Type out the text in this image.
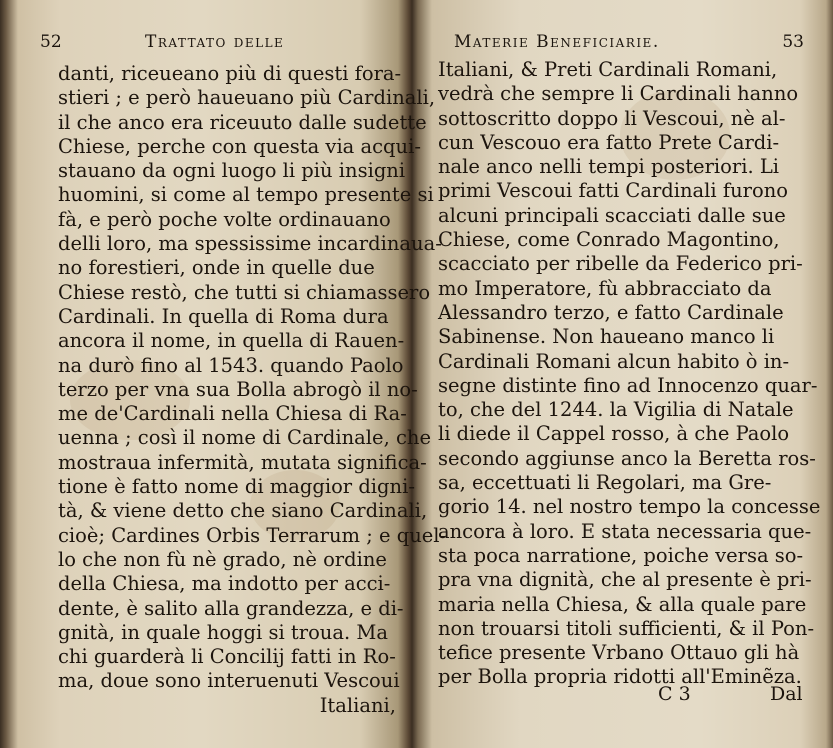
52	Trattato delle
danti, riceueano più di questi fora-
stieri ; e però haueuano più Cardinali,
il che anco era riceuuto dalle sudette
Chiese, perche con questa via acqui-
stauano da ogni luogo li più insigni
huomini, si come al tempo presente si
fà, e però poche volte ordinauano
delli loro, ma spessissime incardinaua-
no forestieri, onde in quelle due
Chiese restò, che tutti si chiamassero
Cardinali. In quella di Roma dura
ancora il nome, in quella di Rauen-
na durò fino al 1543. quando Paolo
terzo per vna sua Bolla abrogò il no-
me de'Cardinali nella Chiesa di Ra-
uenna ; così il nome di Cardinale, che
mostraua infermità, mutata significa-
tione è fatto nome di maggior digni-
tà, & viene detto che siano Cardinali,
cioè; Cardines Orbis Terrarum ; e quel-
lo che non fù nè grado, nè ordine
della Chiesa, ma indotto per acci-
dente, è salito alla grandezza, e di-
gnità, in quale hoggi si troua. Ma
chi guarderà li Concilij fatti in Ro-
ma, doue sono interuenuti Vescoui
Italiani,
Materie Beneficiarie.	53
Italiani, & Preti Cardinali Romani,
vedrà che sempre li Cardinali hanno
sottoscritto doppo li Vescoui, nè al-
cun Vescouo era fatto Prete Cardi-
nale anco nelli tempi posteriori. Li
primi Vescoui fatti Cardinali furono
alcuni principali scacciati dalle sue
Chiese, come Conrado Magontino,
scacciato per ribelle da Federico pri-
mo Imperatore, fù abbracciato da
Alessandro terzo, e fatto Cardinale
Sabinense. Non haueano manco li
Cardinali Romani alcun habito ò in-
segne distinte fino ad Innocenzo quar-
to, che del 1244. la Vigilia di Natale
li diede il Cappel rosso, à che Paolo
secondo aggiunse anco la Beretta ros-
sa, eccettuati li Regolari, ma Gre-
gorio 14. nel nostro tempo la concesse
ancora à loro. E stata necessaria que-
sta poca narratione, poiche versa so-
pra vna dignità, che al presente è pri-
maria nella Chiesa, & alla quale pare
non trouarsi titoli sufficienti, & il Pon-
tefice presente Vrbano Ottauo gli hà
per Bolla propria ridotti all'Eminẽza.
C 3	Dal
